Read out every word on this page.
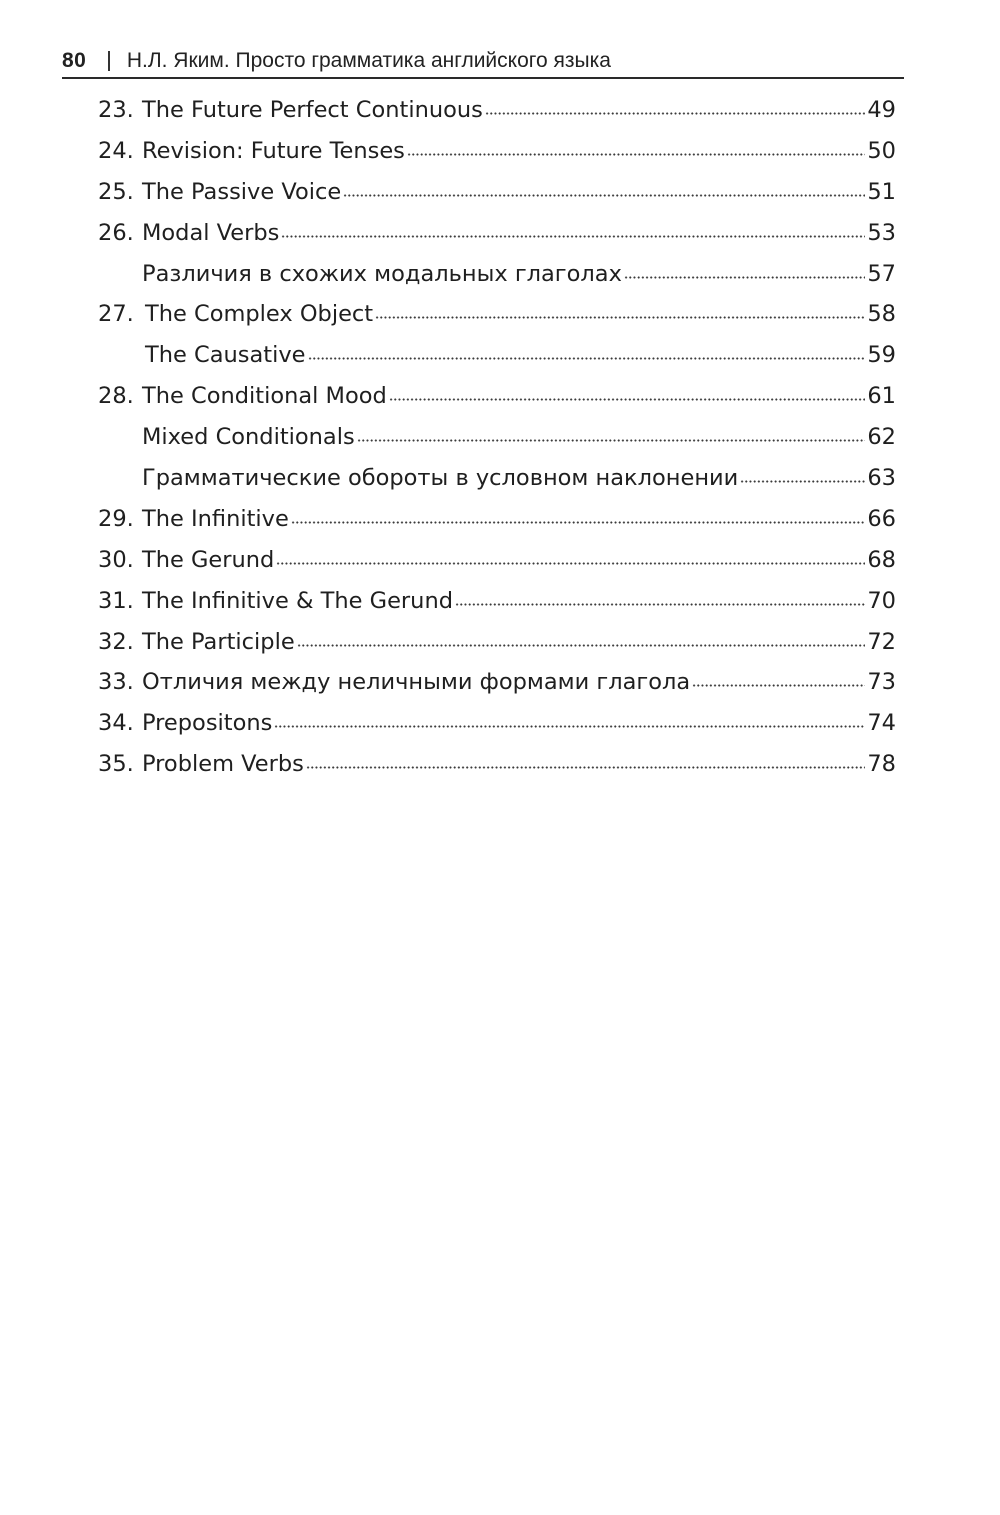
80 Н.Л. Яким. Просто грамматика английского языка
23. The Future Perfect Continuous	49
24. Revision: Future Tenses	50
25. The Passive Voice	51
26. Modal Verbs	53
Различия в схожих модальных глаголах	57
27. The Complex Object	58
The Causative	59
28. The Conditional Mood	61
Mixed Conditionals	62
Грамматические обороты в условном наклонении	63
29. The Infinitive	66
30. The Gerund	68
31. The Infinitive & The Gerund	70
32. The Participle	72
33. Отличия между неличными формами глагола	73
34. Prepositons	74
35. Problem Verbs	78
